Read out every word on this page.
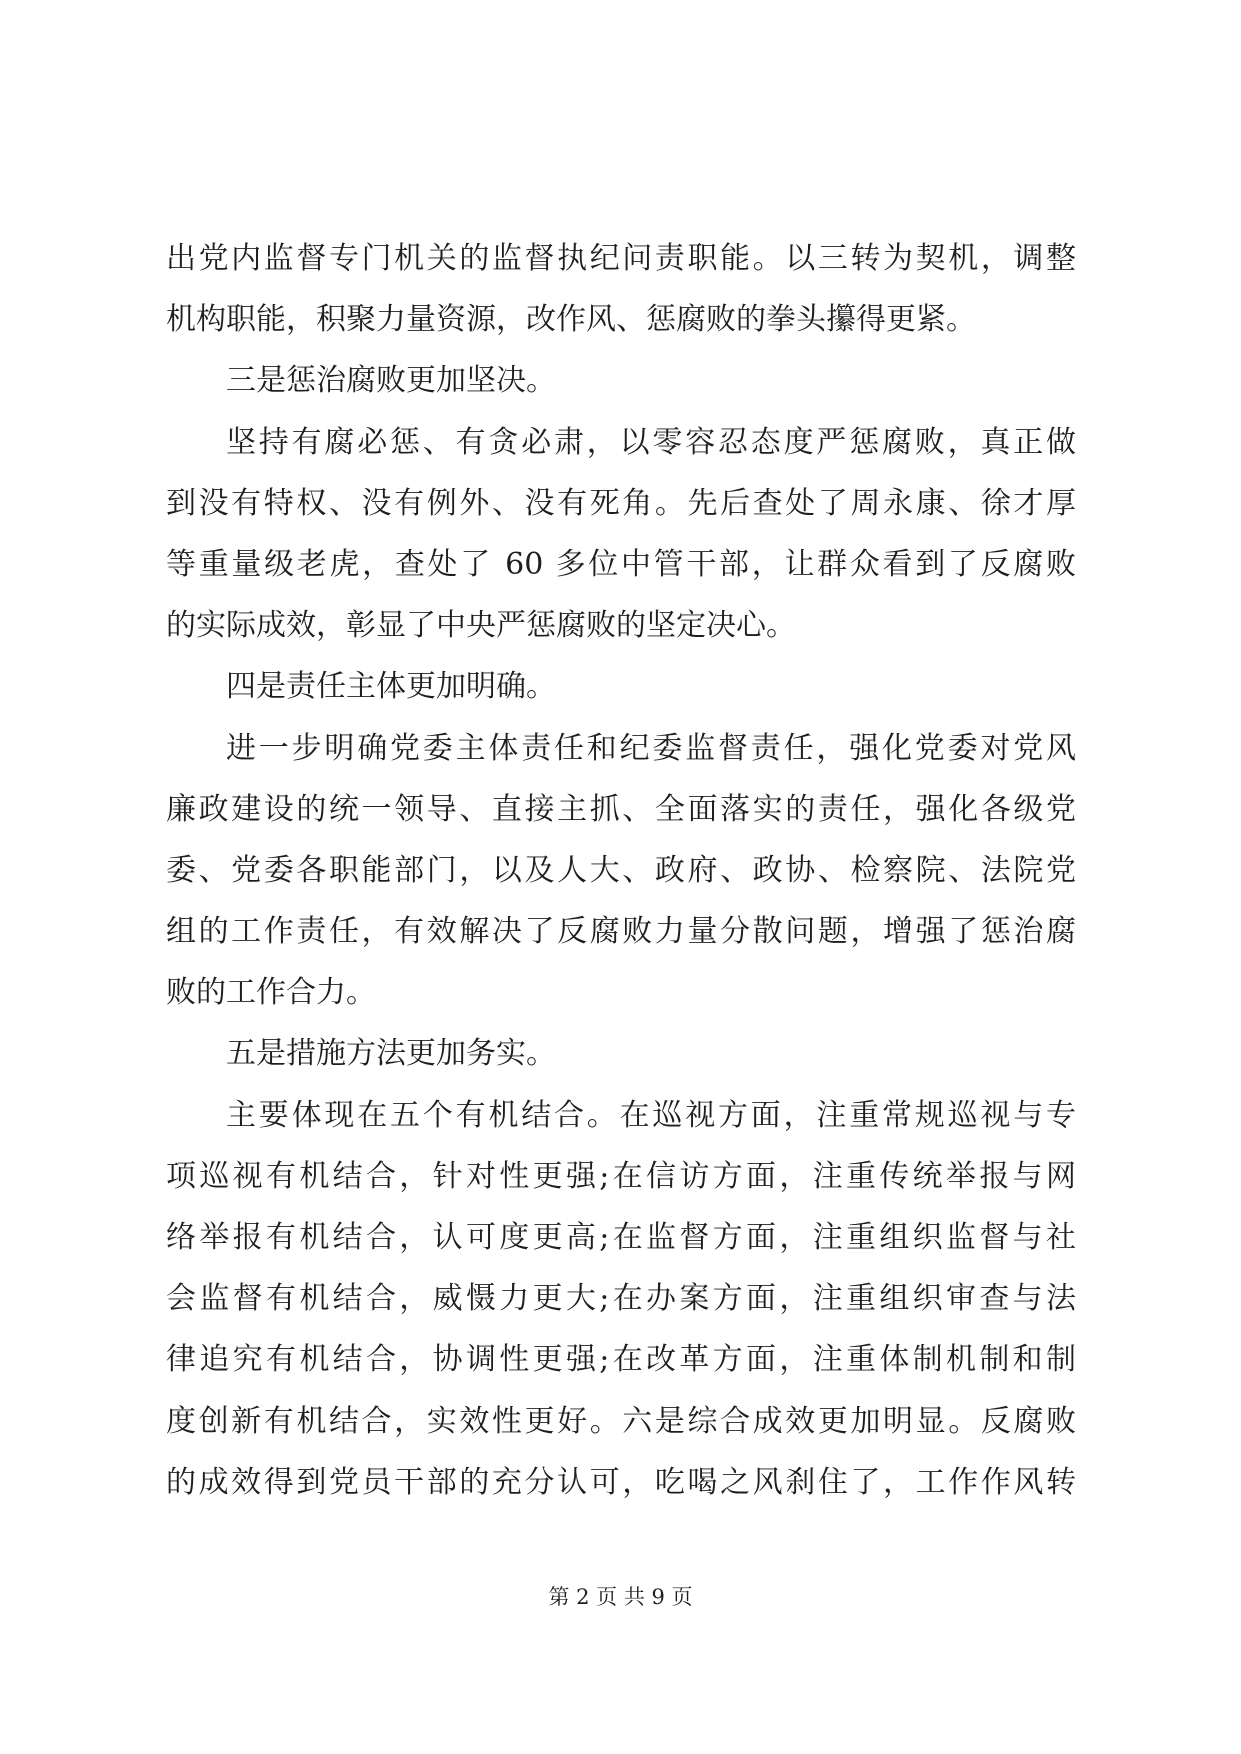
出党内监督专门机关的监督执纪问责职能。以三转为契机，调整
机构职能，积聚力量资源，改作风、惩腐败的拳头攥得更紧。
三是惩治腐败更加坚决。
坚持有腐必惩、有贪必肃，以零容忍态度严惩腐败，真正做
到没有特权、没有例外、没有死角。先后查处了周永康、徐才厚
等重量级老虎，查处了 60 多位中管干部，让群众看到了反腐败
的实际成效，彰显了中央严惩腐败的坚定决心。
四是责任主体更加明确。
进一步明确党委主体责任和纪委监督责任，强化党委对党风
廉政建设的统一领导、直接主抓、全面落实的责任，强化各级党
委、党委各职能部门，以及人大、政府、政协、检察院、法院党
组的工作责任，有效解决了反腐败力量分散问题，增强了惩治腐
败的工作合力。
五是措施方法更加务实。
主要体现在五个有机结合。在巡视方面，注重常规巡视与专
项巡视有机结合，针对性更强;在信访方面，注重传统举报与网
络举报有机结合，认可度更高;在监督方面，注重组织监督与社
会监督有机结合，威慑力更大;在办案方面，注重组织审查与法
律追究有机结合，协调性更强;在改革方面，注重体制机制和制
度创新有机结合，实效性更好。六是综合成效更加明显。反腐败
的成效得到党员干部的充分认可，吃喝之风刹住了，工作作风转
第 2 页 共 9 页
